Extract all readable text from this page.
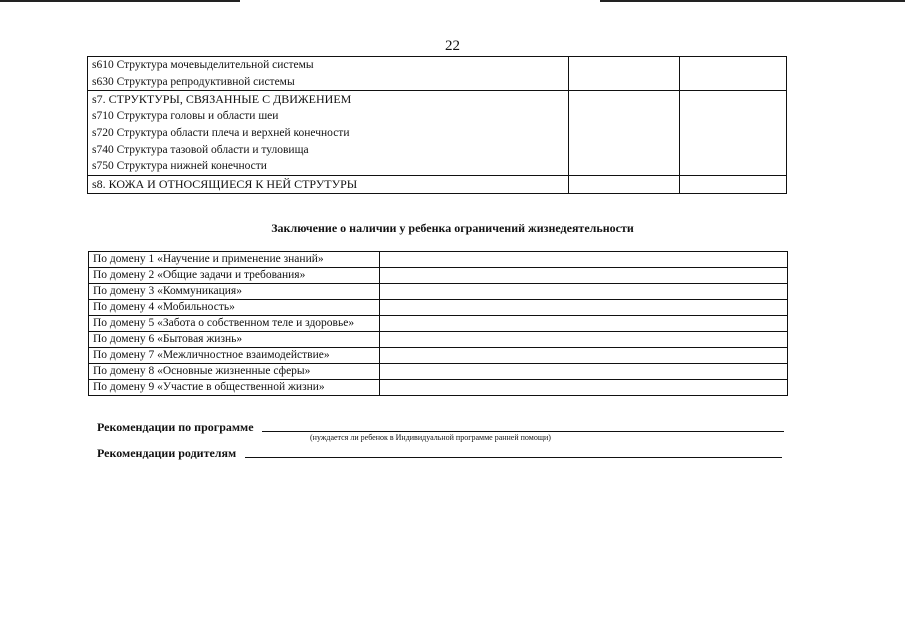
22
s610 Структура мочевыделительной системы
s630 Структура репродуктивной системы		

s7. СТРУКТУРЫ, СВЯЗАННЫЕ С ДВИЖЕНИЕМ
s710 Структура головы и области шеи
s720 Структура области плеча и верхней конечности
s740 Структура тазовой области и туловища
s750 Структура нижней конечности		

s8. КОЖА И ОТНОСЯЩИЕСЯ К НЕЙ СТРУТУРЫ		

Заключение о наличии у ребенка ограничений жизнедеятельности
По домену 1 «Научение и применение знаний»	
По домену 2 «Общие задачи и требования»	
По домену 3 «Коммуникация»	
По домену 4 «Мобильность»	
По домену 5 «Забота о собственном теле и здоровье»	
По домену 6 «Бытовая жизнь»	
По домену 7 «Межличностное взаимодействие»	
По домену 8 «Основные жизненные сферы»	
По домену 9 «Участие в общественной жизни»	
Рекомендации по программе
(нуждается ли ребенок в Индивидуальной программе ранней помощи)
Рекомендации родителям
